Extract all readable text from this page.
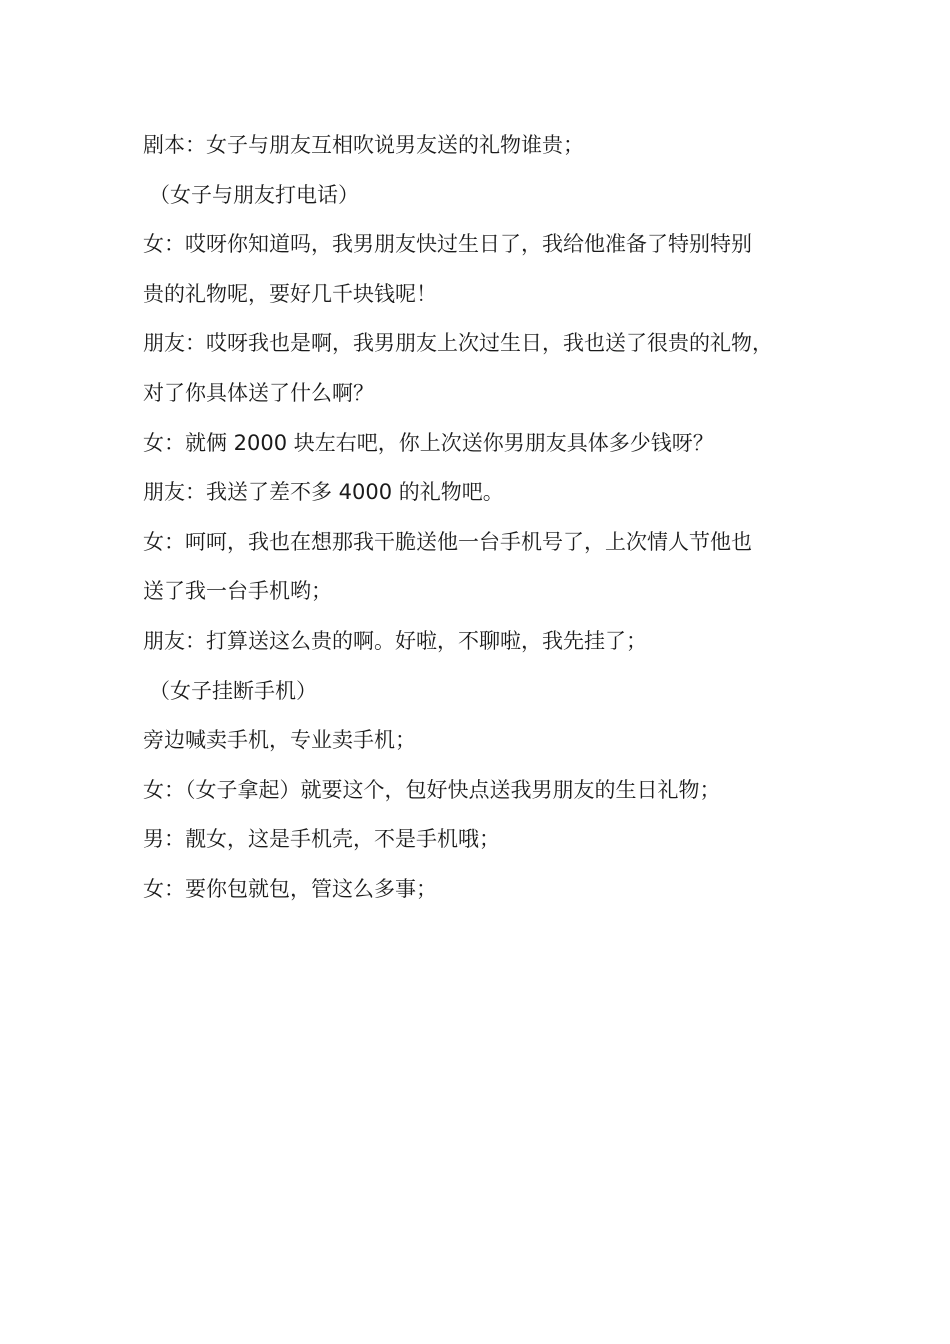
剧本：女子与朋友互相吹说男友送的礼物谁贵；
（女子与朋友打电话）
女：哎呀你知道吗，我男朋友快过生日了，我给他准备了特别特别
贵的礼物呢，要好几千块钱呢！
朋友：哎呀我也是啊，我男朋友上次过生日，我也送了很贵的礼物，
对了你具体送了什么啊？
女：就俩 2000 块左右吧，你上次送你男朋友具体多少钱呀？
朋友：我送了差不多 4000 的礼物吧。
女：呵呵，我也在想那我干脆送他一台手机号了，上次情人节他也
送了我一台手机哟；
朋友：打算送这么贵的啊。好啦，不聊啦，我先挂了；
（女子挂断手机）
旁边喊卖手机，专业卖手机；
女：（女子拿起）就要这个，包好快点送我男朋友的生日礼物；
男：靓女，这是手机壳，不是手机哦；
女：要你包就包，管这么多事；
